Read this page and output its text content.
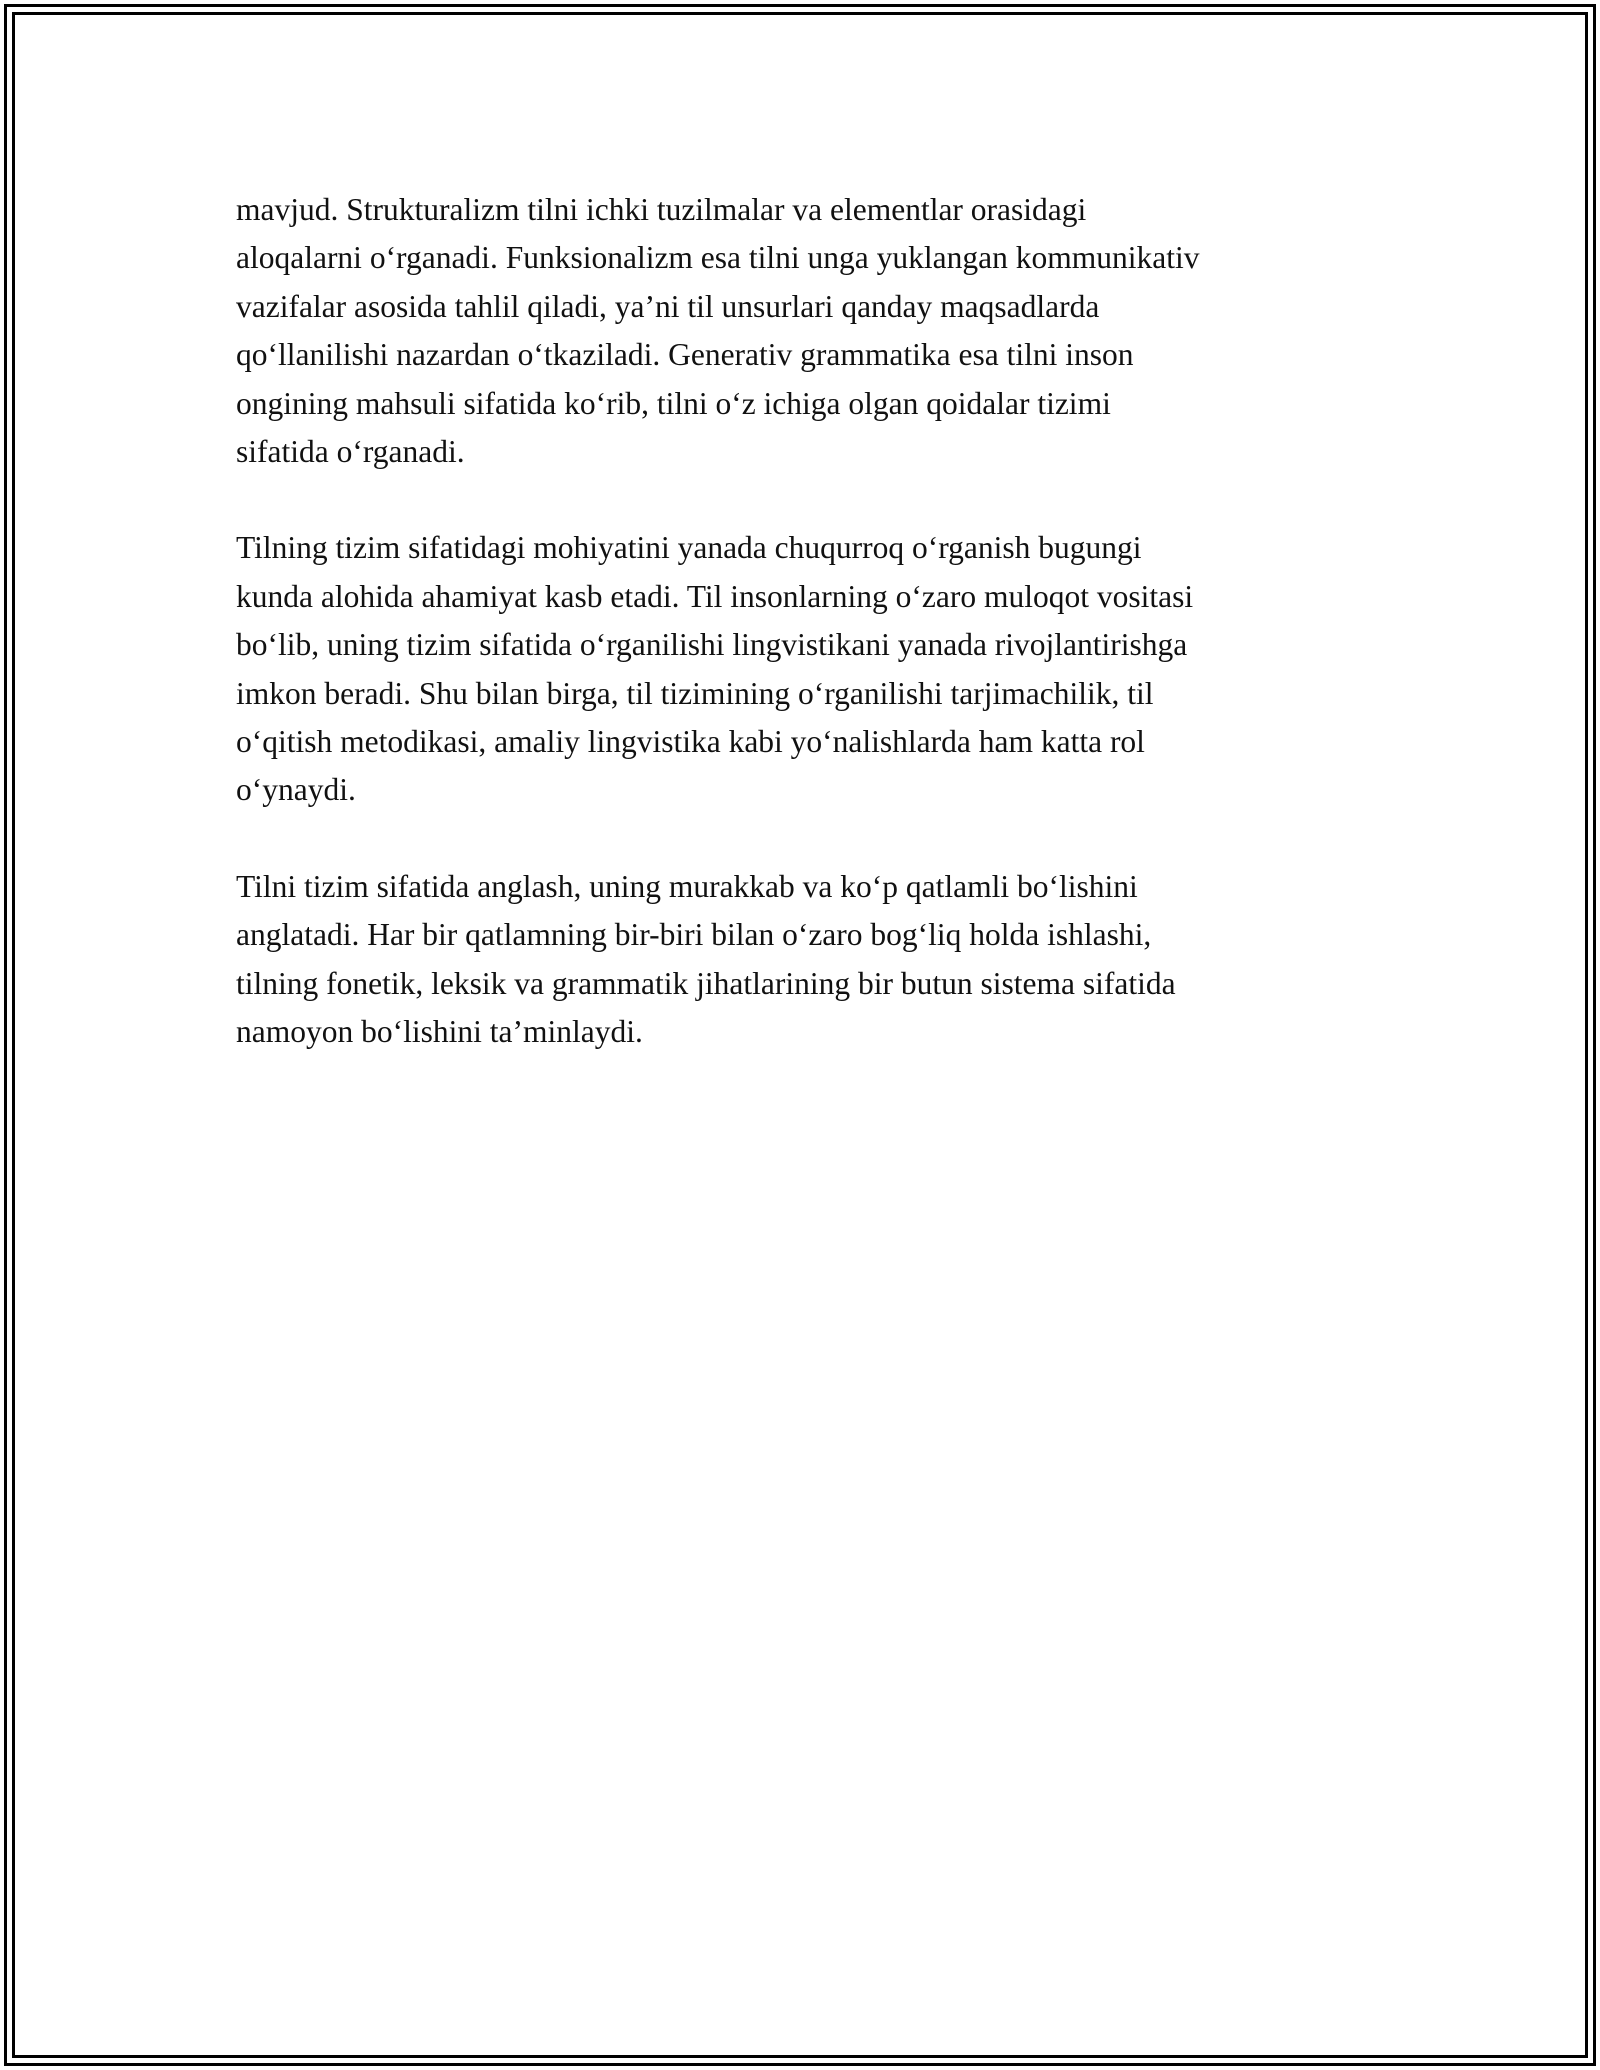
mavjud. Strukturalizm tilni ichki tuzilmalar va elementlar orasidagi
aloqalarni o‘rganadi. Funksionalizm esa tilni unga yuklangan kommunikativ
vazifalar asosida tahlil qiladi, ya’ni til unsurlari qanday maqsadlarda
qo‘llanilishi nazardan o‘tkaziladi. Generativ grammatika esa tilni inson
ongining mahsuli sifatida ko‘rib, tilni o‘z ichiga olgan qoidalar tizimi
sifatida o‘rganadi.

Tilning tizim sifatidagi mohiyatini yanada chuqurroq o‘rganish bugungi
kunda alohida ahamiyat kasb etadi. Til insonlarning o‘zaro muloqot vositasi
bo‘lib, uning tizim sifatida o‘rganilishi lingvistikani yanada rivojlantirishga
imkon beradi. Shu bilan birga, til tizimining o‘rganilishi tarjimachilik, til
o‘qitish metodikasi, amaliy lingvistika kabi yo‘nalishlarda ham katta rol
o‘ynaydi.

Tilni tizim sifatida anglash, uning murakkab va ko‘p qatlamli bo‘lishini
anglatadi. Har bir qatlamning bir-biri bilan o‘zaro bog‘liq holda ishlashi,
tilning fonetik, leksik va grammatik jihatlarining bir butun sistema sifatida
namoyon bo‘lishini ta’minlaydi.
